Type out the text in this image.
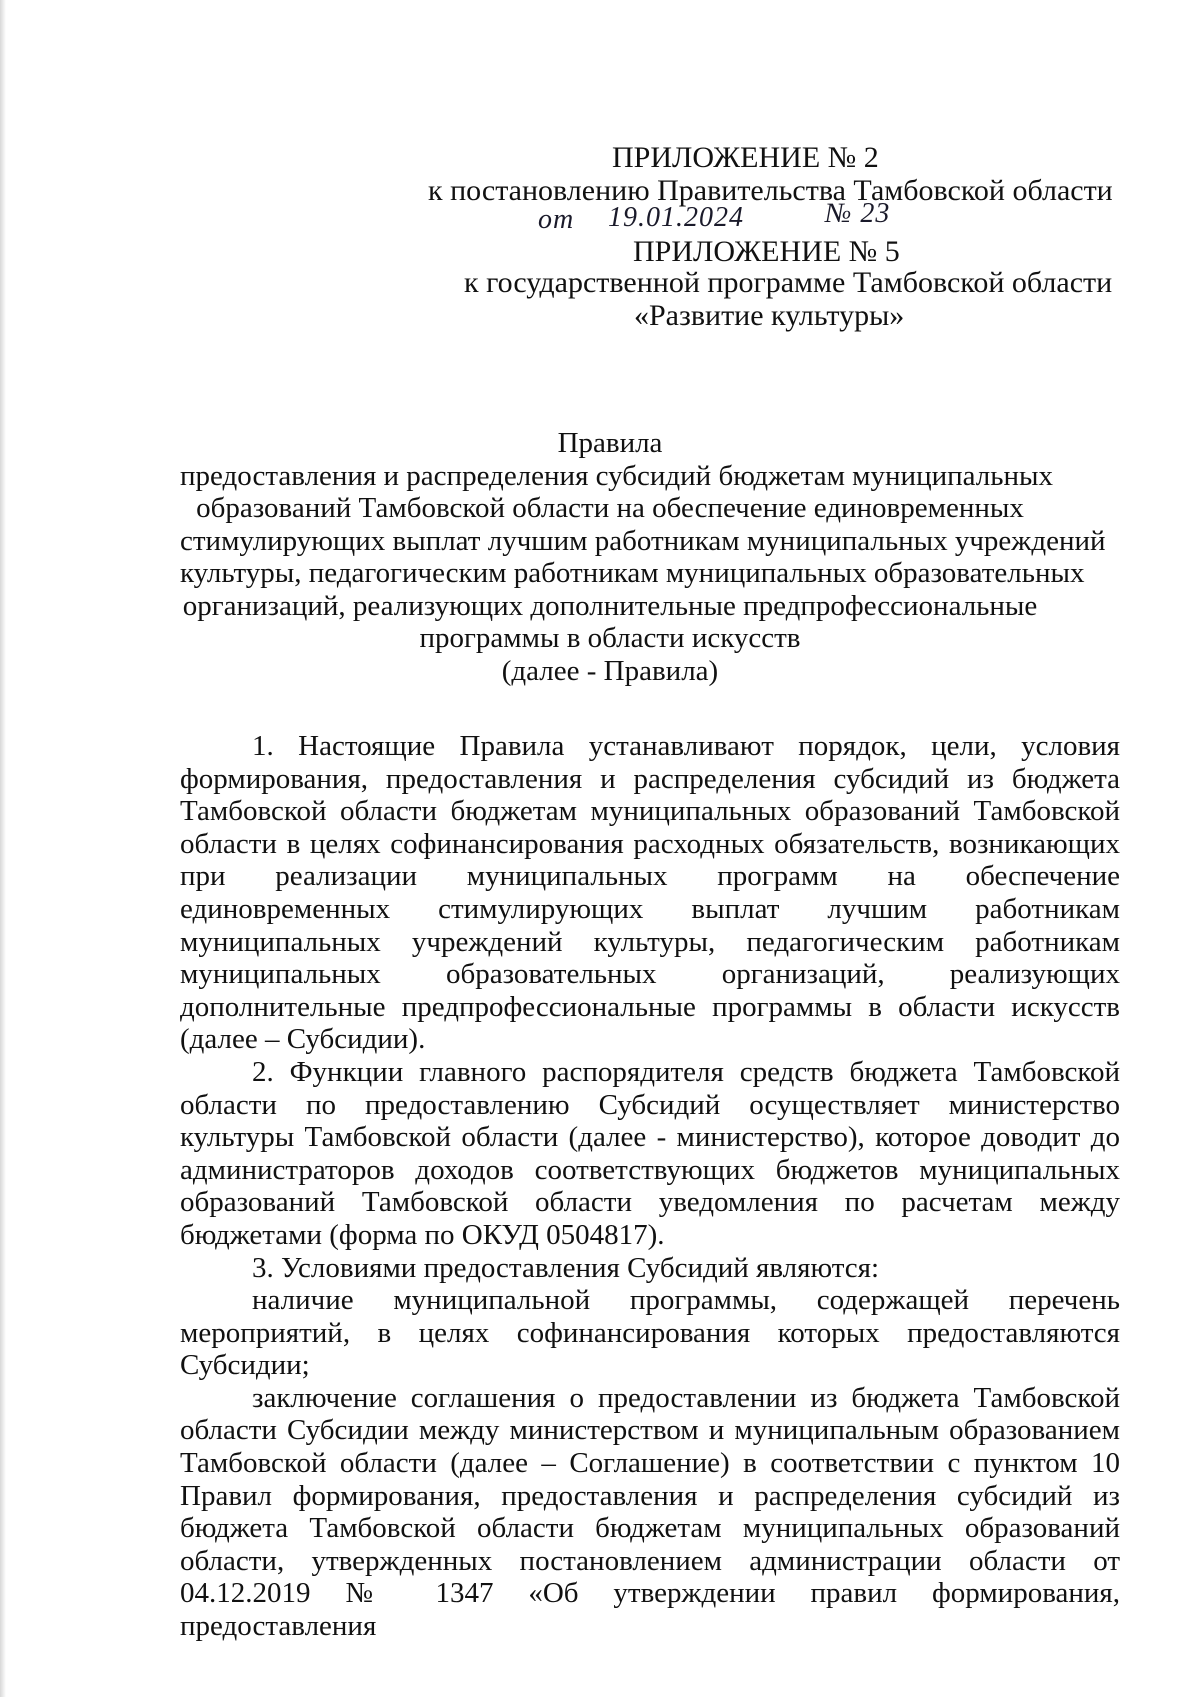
ПРИЛОЖЕНИЕ № 2
к постановлению Правительства Тамбовской области
от 19.01.2024	№ 23
ПРИЛОЖЕНИЕ № 5
к государственной программе Тамбовской области
«Развитие культуры»
Правила
предоставления и распределения субсидий бюджетам муниципальных
образований Тамбовской области на обеспечение единовременных
стимулирующих выплат лучшим работникам муниципальных учреждений
культуры, педагогическим работникам муниципальных образовательных
организаций, реализующих дополнительные предпрофессиональные
программы в области искусств
(далее - Правила)

1. Настоящие Правила устанавливают порядок, цели, условия формирования, предоставления и распределения субсидий из бюджета Тамбовской области бюджетам муниципальных образований Тамбовской области в целях софинансирования расходных обязательств, возникающих при реализации муниципальных программ на обеспечение единовременных стимулирующих выплат лучшим работникам муниципальных учреждений культуры, педагогическим работникам муниципальных образовательных организаций, реализующих дополнительные предпрофессиональные программы в области искусств (далее – Субсидии).

2. Функции главного распорядителя средств бюджета Тамбовской области по предоставлению Субсидий осуществляет министерство культуры Тамбовской области (далее - министерство), которое доводит до администраторов доходов соответствующих бюджетов муниципальных образований Тамбовской области уведомления по расчетам между бюджетами (форма по ОКУД 0504817).

3. Условиями предоставления Субсидий являются:

наличие муниципальной программы, содержащей перечень мероприятий, в целях софинансирования которых предоставляются Субсидии;

заключение соглашения о предоставлении из бюджета Тамбовской области Субсидии между министерством и муниципальным образованием Тамбовской области (далее – Соглашение) в соответствии с пунктом 10 Правил формирования, предоставления и распределения субсидий из бюджета Тамбовской области бюджетам муниципальных образований области, утвержденных постановлением администрации области от 04.12.2019 № 1347 «Об утверждении правил формирования, предоставления
